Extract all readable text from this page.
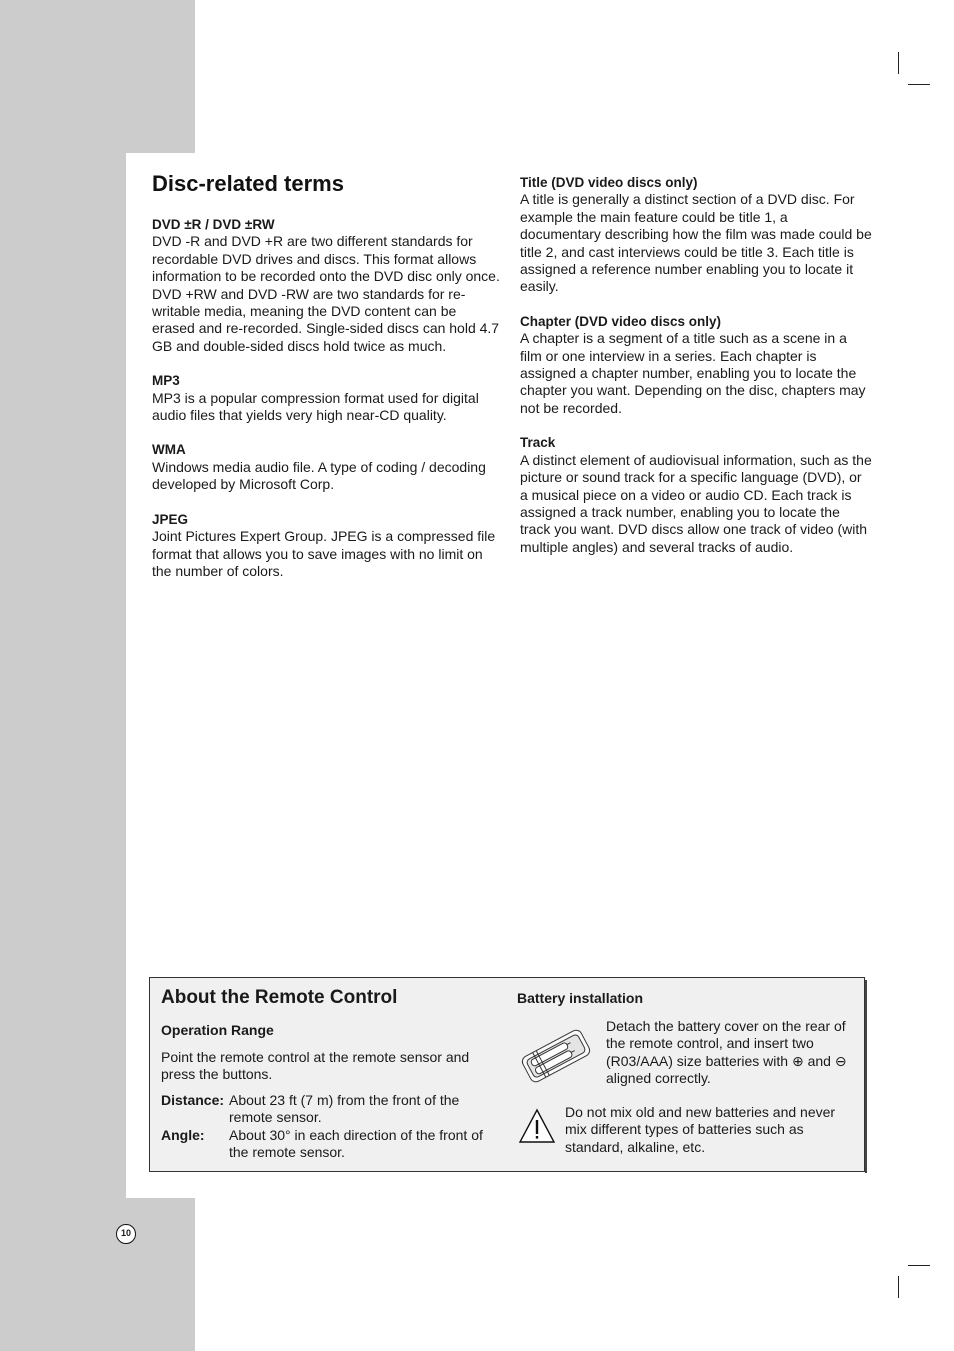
Disc-related terms
DVD ±R / DVD ±RW
DVD -R and DVD +R are two different standards for recordable DVD drives and discs. This format allows information to be recorded onto the DVD disc only once. DVD +RW and DVD -RW are two standards for re-writable media, meaning the DVD content can be erased and re-recorded. Single-sided discs can hold 4.7 GB and double-sided discs hold twice as much.
MP3
MP3 is a popular compression format used for digital audio files that yields very high near-CD quality.
WMA
Windows media audio file. A type of coding / decoding developed by Microsoft Corp.
JPEG
Joint Pictures Expert Group. JPEG is a compressed file format that allows you to save images with no limit on the number of colors.
Title (DVD video discs only)
A title is generally a distinct section of a DVD disc. For example the main feature could be title 1, a documentary describing how the film was made could be title 2, and cast interviews could be title 3. Each title is assigned a reference number enabling you to locate it easily.
Chapter (DVD video discs only)
A chapter is a segment of a title such as a scene in a film or one interview in a series. Each chapter is assigned a chapter number, enabling you to locate the chapter you want. Depending on the disc, chapters may not be recorded.
Track
A distinct element of audiovisual information, such as the picture or sound track for a specific language (DVD), or a musical piece on a video or audio CD. Each track is assigned a track number, enabling you to locate the track you want. DVD discs allow one track of video (with multiple angles) and several tracks of audio.
About the Remote Control
Operation Range
Point the remote control at the remote sensor and press the buttons.
Distance: About 23 ft (7 m) from the front of the remote sensor.
Angle:	About 30° in each direction of the front of the remote sensor.
Battery installation
Detach the battery cover on the rear of the remote control, and insert two (R03/AAA) size batteries with ⊕ and ⊖ aligned correctly.
Do not mix old and new batteries and never mix different types of batteries such as standard, alkaline, etc.
10
